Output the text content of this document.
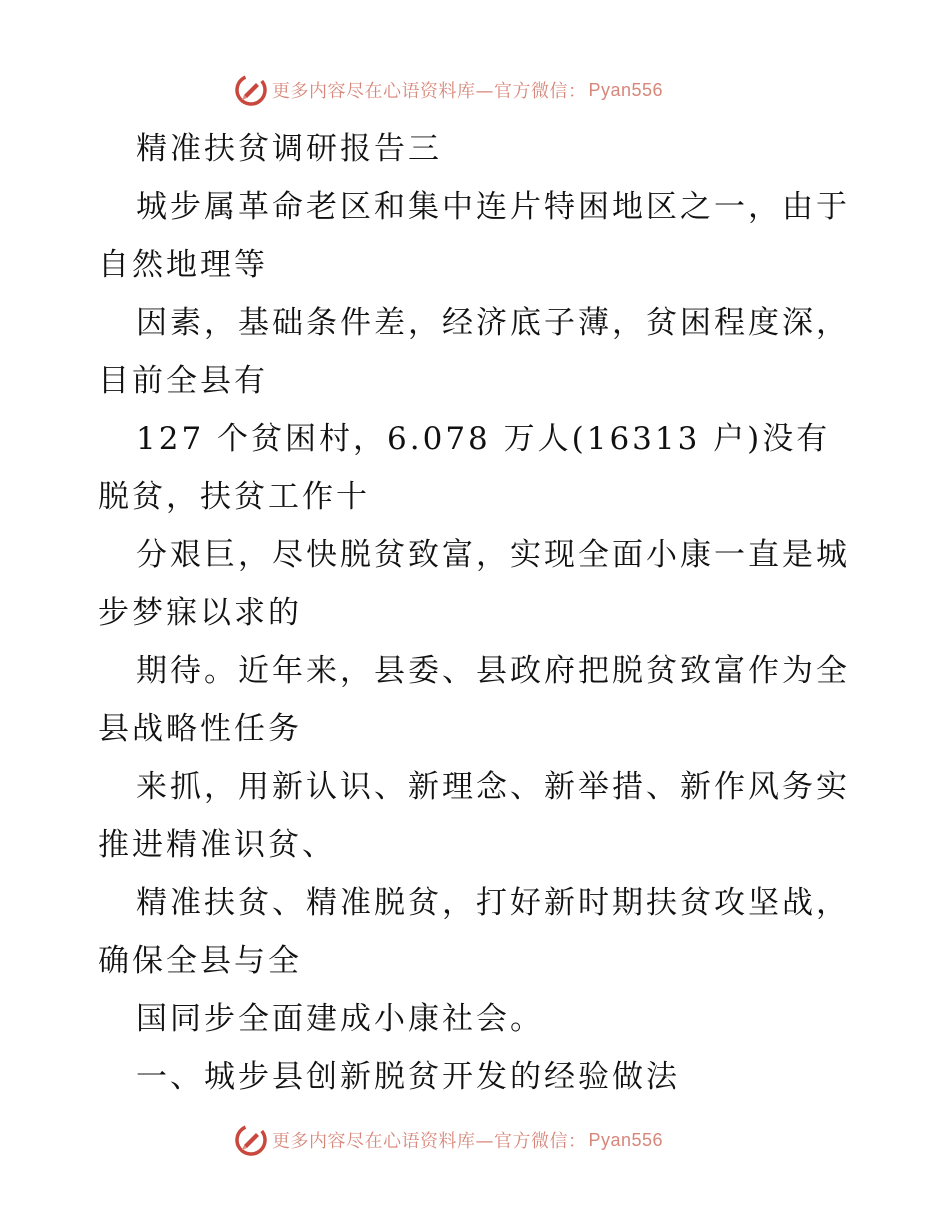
更多内容尽在心语资料库—官方微信： Pyan556

精准扶贫调研报告三

城步属革命老区和集中连片特困地区之一，由于自然地理等

因素，基础条件差，经济底子薄，贫困程度深，目前全县有

127 个贫困村，6.078 万人(16313 户)没有脱贫，扶贫工作十

分艰巨，尽快脱贫致富，实现全面小康一直是城步梦寐以求的

期待。近年来，县委、县政府把脱贫致富作为全县战略性任务

来抓，用新认识、新理念、新举措、新作风务实推进精准识贫、

精准扶贫、精准脱贫，打好新时期扶贫攻坚战，确保全县与全

国同步全面建成小康社会。

一、城步县创新脱贫开发的经验做法

更多内容尽在心语资料库—官方微信： Pyan556
